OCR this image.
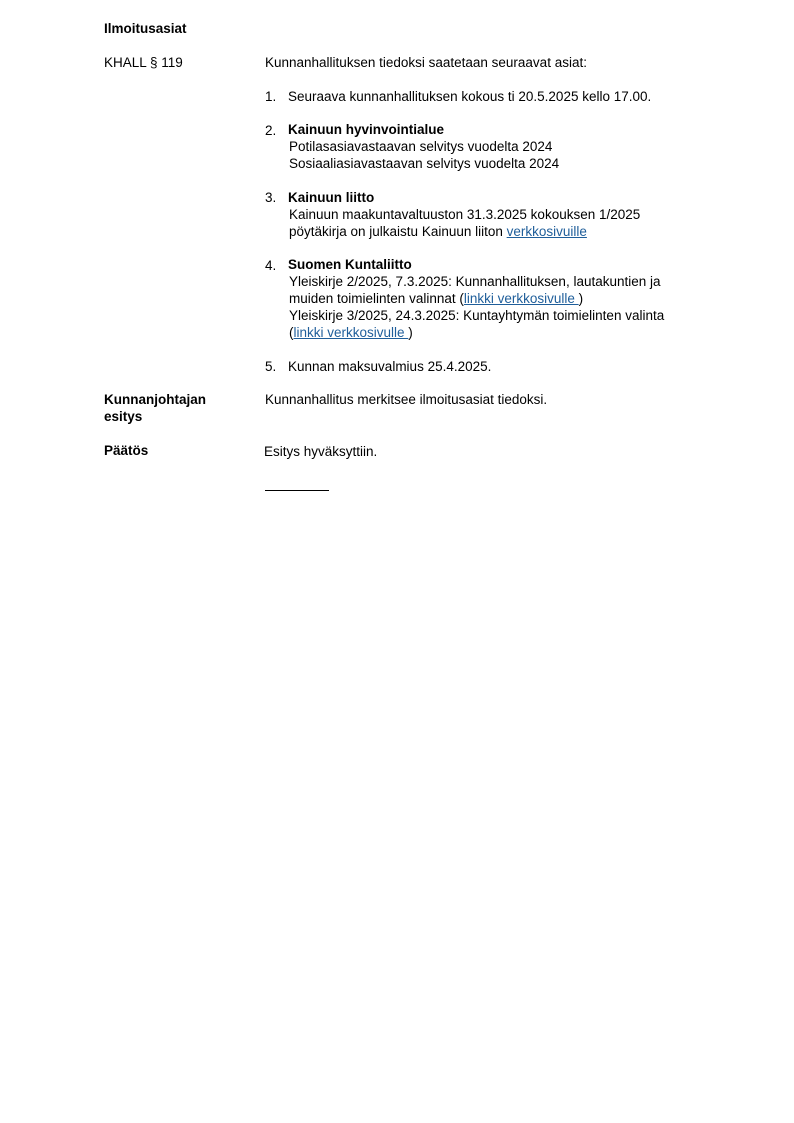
Ilmoitusasiat
KHALL § 119	Kunnanhallituksen tiedoksi saatetaan seuraavat asiat:
1. Seuraava kunnanhallituksen kokous ti 20.5.2025 kello 17.00.
2. Kainuun hyvinvointialue
Potilasasiavastaavan selvitys vuodelta 2024
Sosiaaliasiavastaavan selvitys vuodelta 2024
3. Kainuun liitto
Kainuun maakuntavaltuuston 31.3.2025 kokouksen 1/2025
pöytäkirja on julkaistu Kainuun liiton verkkosivuille
4. Suomen Kuntaliitto
Yleiskirje 2/2025, 7.3.2025: Kunnanhallituksen, lautakuntien ja
muiden toimielinten valinnat (linkki verkkosivulle )
Yleiskirje 3/2025, 24.3.2025: Kuntayhtymän toimielinten valinta
(linkki verkkosivulle )
5. Kunnan maksuvalmius 25.4.2025.
Kunnanjohtajan
esitys
Kunnanhallitus merkitsee ilmoitusasiat tiedoksi.
Päätös	Esitys hyväksyttiin.
